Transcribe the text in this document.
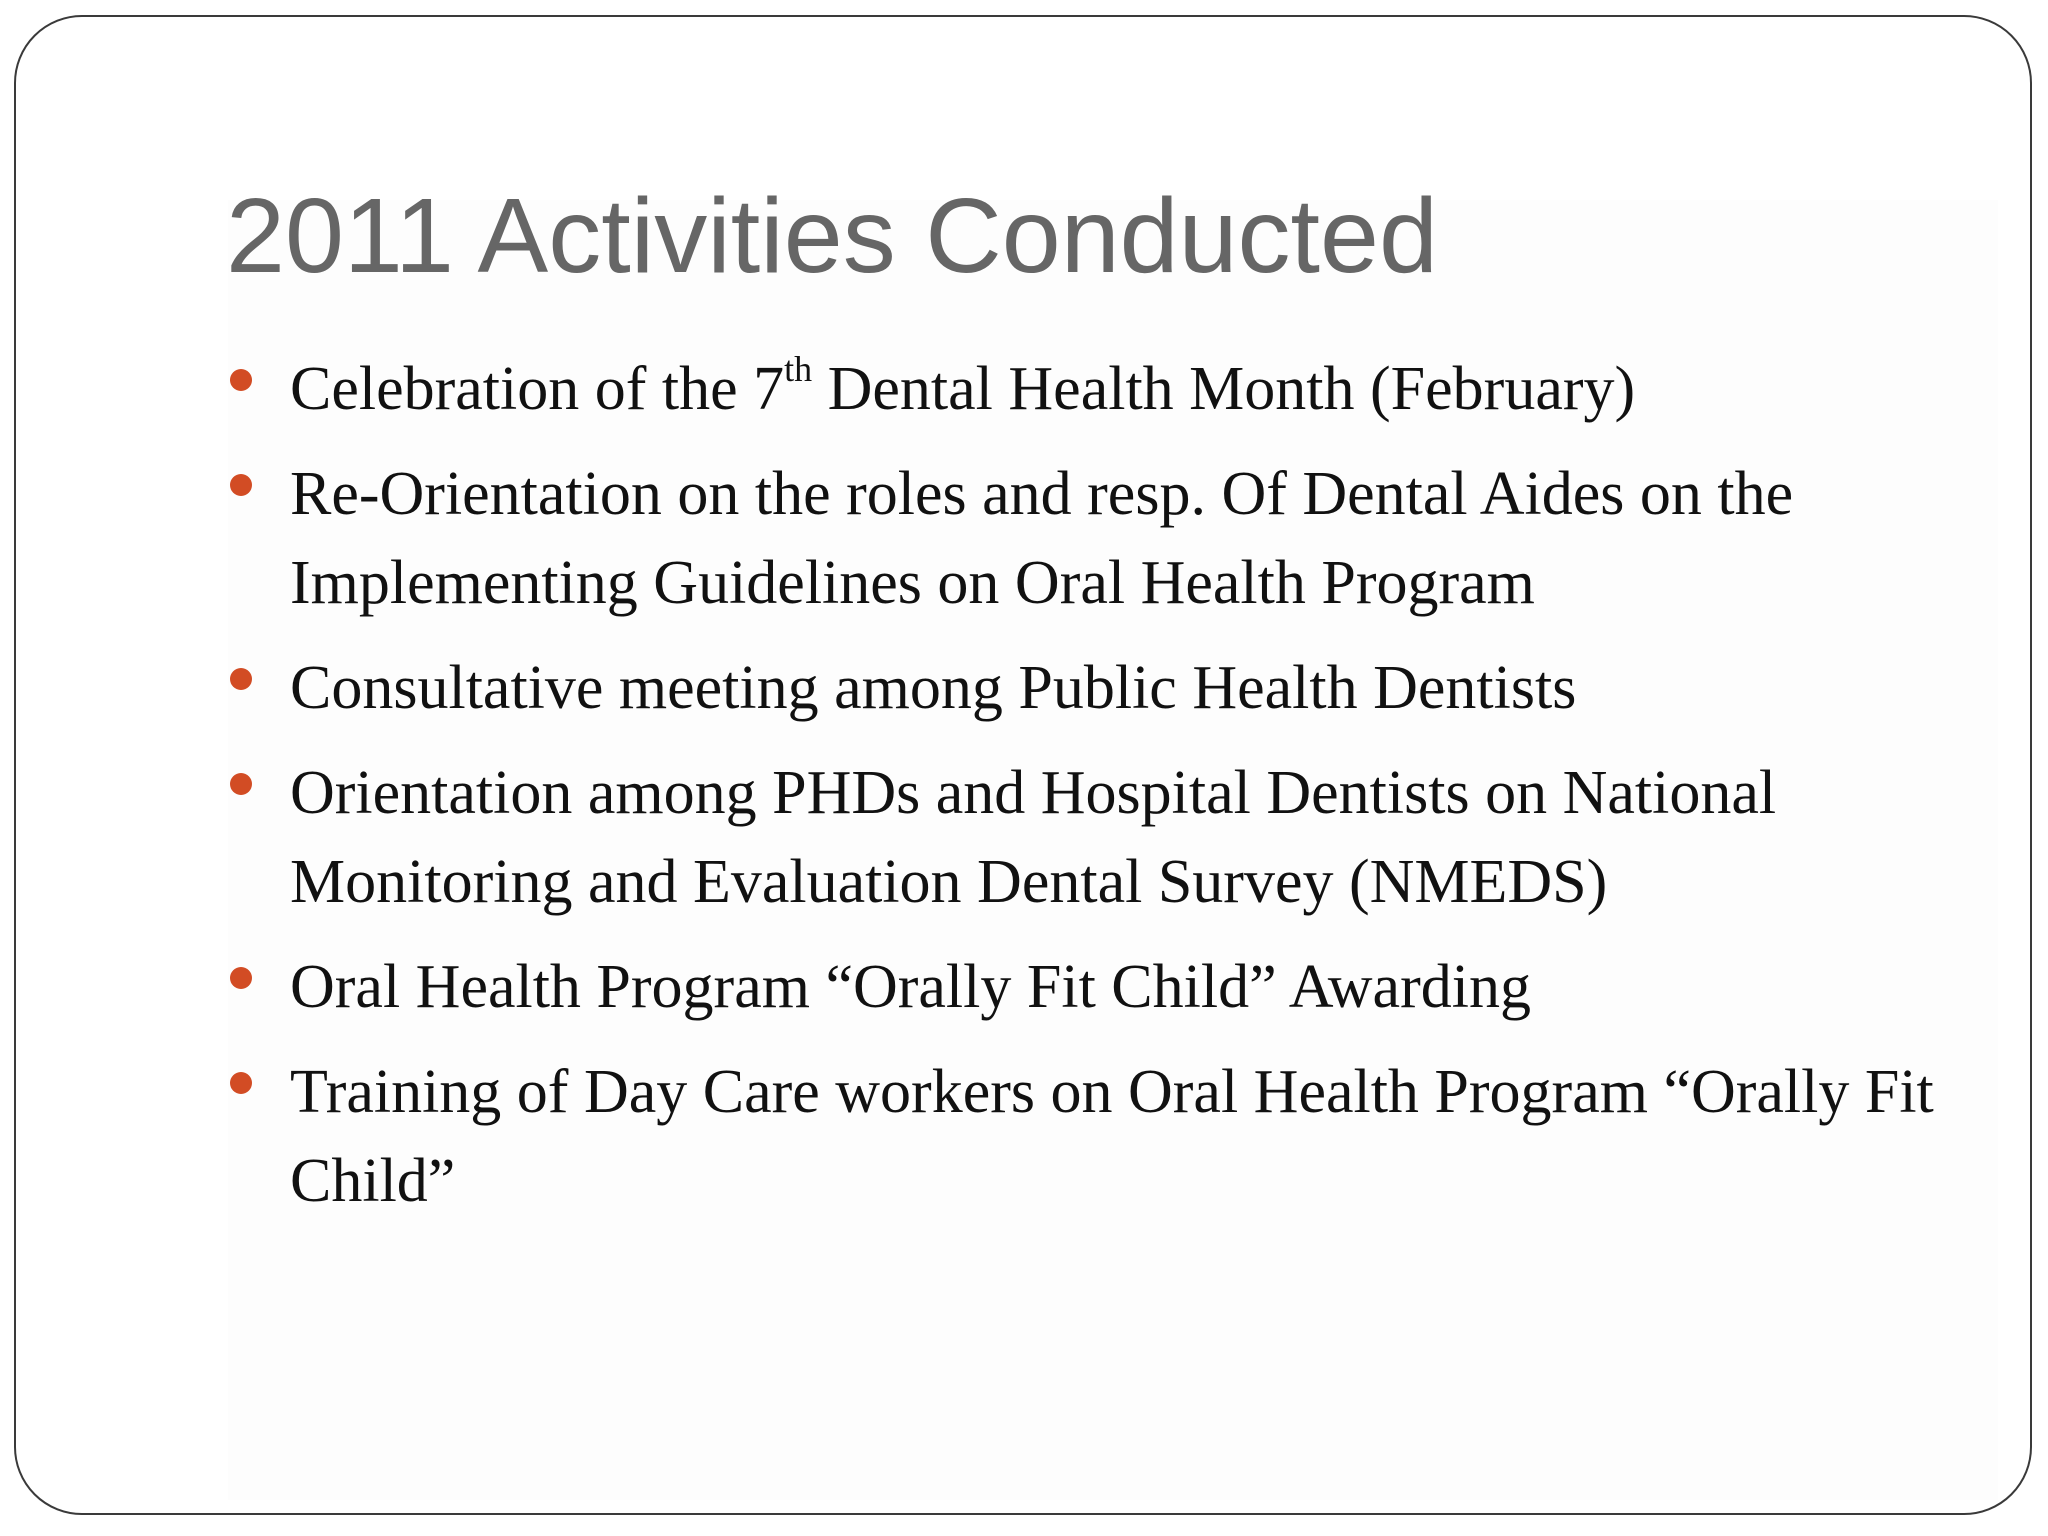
2011 Activities Conducted
Celebration of the 7th Dental Health Month (February)
Re-Orientation on the roles and resp. Of Dental Aides on the Implementing Guidelines on Oral Health Program
Consultative meeting among Public Health Dentists
Orientation among PHDs and Hospital Dentists on National Monitoring and Evaluation Dental Survey (NMEDS)
Oral Health Program “Orally Fit Child” Awarding
Training of Day Care workers on Oral Health Program “Orally Fit Child”
